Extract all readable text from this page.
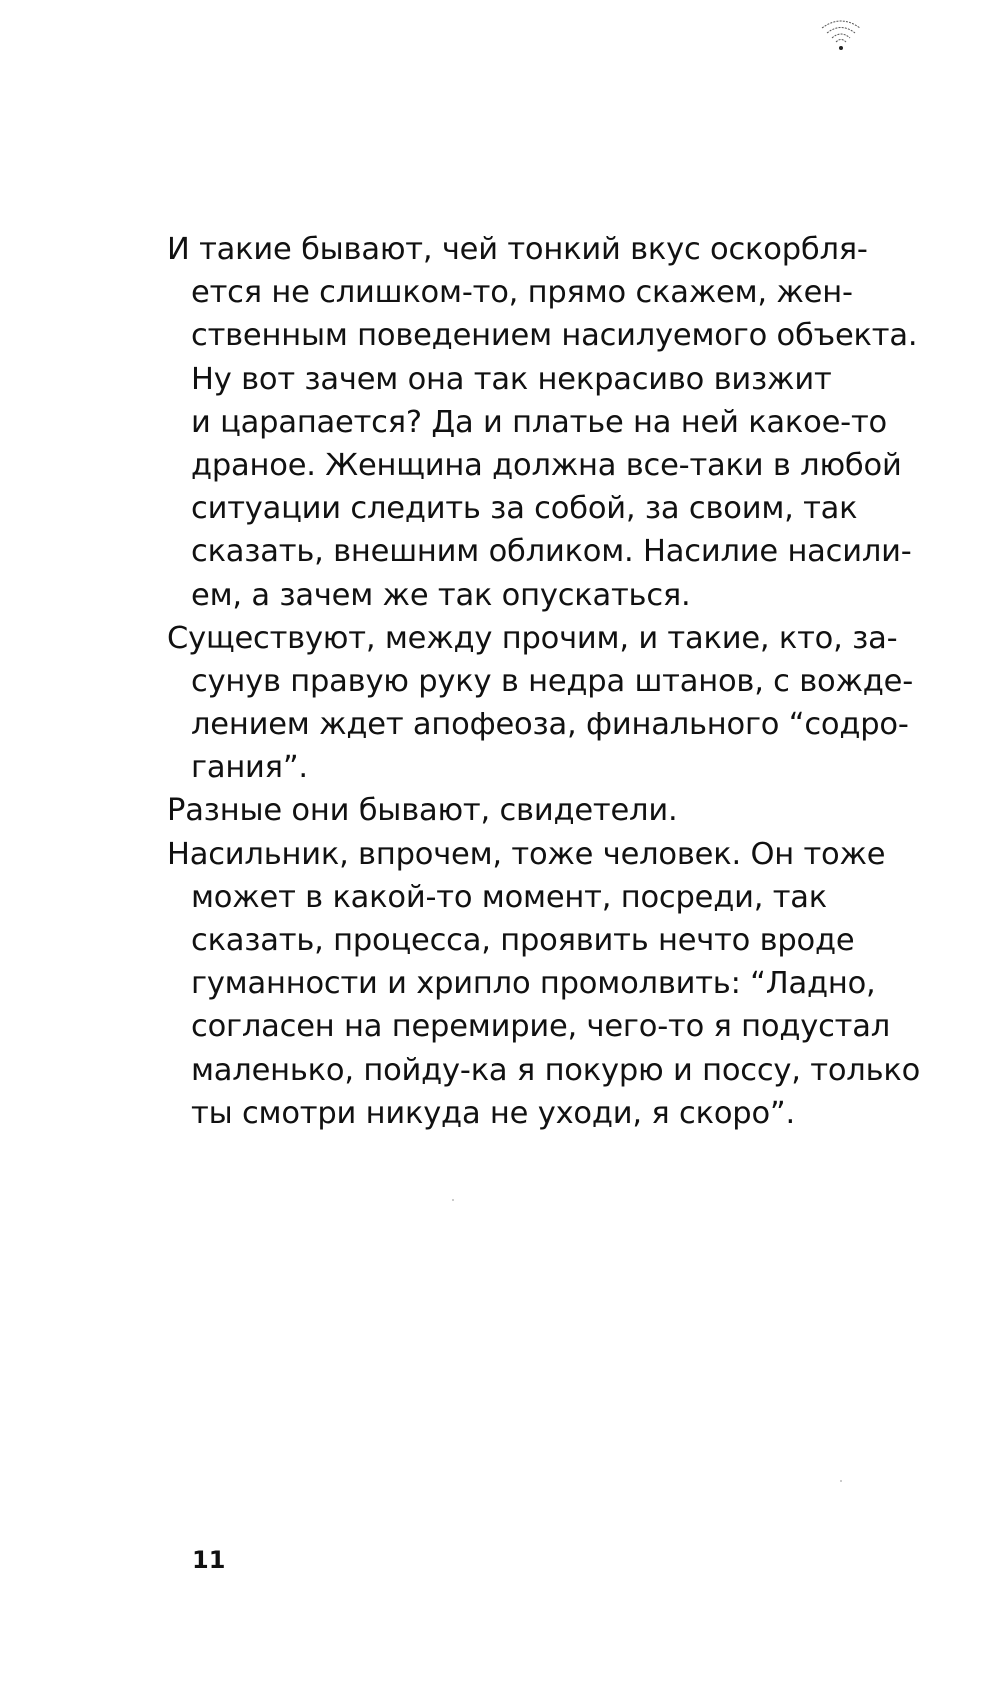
И такие бывают, чей тонкий вкус оскорбля-
ется не слишком-то, прямо скажем, жен-
ственным поведением насилуемого объекта.
Ну вот зачем она так некрасиво визжит
и царапается? Да и платье на ней какое-то
драное. Женщина должна все-таки в любой
ситуации следить за собой, за своим, так
сказать, внешним обликом. Насилие насили-
ем, а зачем же так опускаться.
Существуют, между прочим, и такие, кто, за-
сунув правую руку в недра штанов, с вожде-
лением ждет апофеоза, финального “содро-
гания”.
Разные они бывают, свидетели.
Насильник, впрочем, тоже человек. Он тоже
может в какой-то момент, посреди, так
сказать, процесса, проявить нечто вроде
гуманности и хрипло промолвить: “Ладно,
согласен на перемирие, чего-то я подустал
маленько, пойду-ка я покурю и поссу, только
ты смотри никуда не уходи, я скоро”.
11
